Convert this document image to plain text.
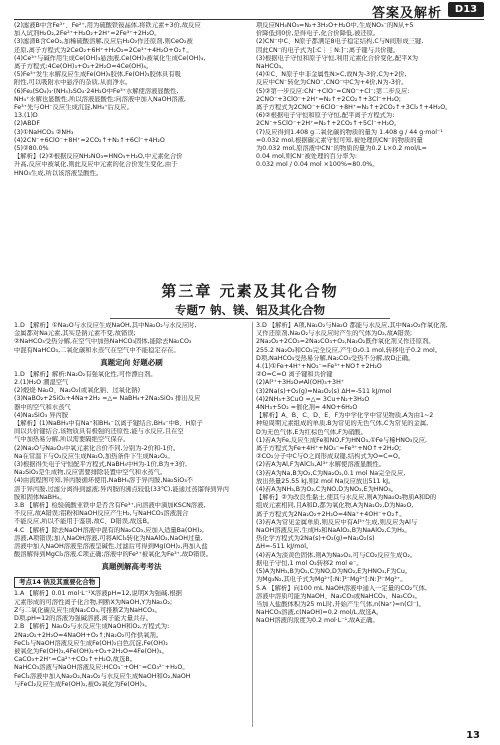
答案及解析	D13

(2)滤液B中含Fe³⁺、Fe²⁺,用为硫酸铁铵晶体,将铁元素+3价,故反应

加入试剂H₂O₂,2Fe²⁺+H₂O₂+2H⁺=2Fe³⁺+2H₂O。

(3)滤渣B含CeO₂,加稀硫酸溶解,反应后H₂O₂作还原剂,则CeO₂被

还原,离子方程式为2CeO₂+6H⁺+H₂O₂=2Ce³⁺+4H₂O+O₂↑。

(4)Ce³⁺与碱作用生成Ce(OH)₃悬浊液,Ce(OH)₃被氧化生成Ce(OH)₄,

离子方程式:4Ce(OH)₃+O₂+2H₂O=4Ce(OH)₄。

(5)Fe³⁺发生水解反应生成Fe(OH)₃胶体,Fe(OH)₃胶体具有吸

附性,可以吸附水中悬浮的杂质,从而净水。

(6)Fe₂(SO₄)₃·(NH₄)₂SO₄·24H₂O中Fe³⁺水解使溶液显酸性,

NH₄⁺水解也显酸性,所以溶液显酸性;向溶液中加入NaOH溶液,

Fe³⁺先与OH⁻反应生成沉淀,NH₄⁺后反应。

13.(1)D

(2)ABDF

(3)①NaHCO₃ ②NH₃

(4)2CN⁻+6ClO⁻+8H⁺=2CO₂↑+N₂↑+6Cl⁻+4H₂O

(5)②80.0%

【解析】(2)②根据反应NH₂NO₃=HNO₃+H₂O,中元素化合价

升高,反应中被氧化,则此反应中元素的化合价发生变化,由于

HNO₃生成,所以该溶液呈酸性。

项反应NH₄NO₃=N₂+3H₂O+H₂O中,生成NO₃⁻的N从+5

价降低到0价,是得电子,化合价降低,被还原。

(2)CN⁻中C、N原子都满足8电子稳定结构,C与N间形成三键,

因此CN⁻的电子式为[:C⋮⋮N:]⁻;离子键与共价键。

(3)根据电子守恒和原子守恒,利用元素化合价变化,配平X为

NaHCO₃。

(4)①C、N原子中非金属性N>C,故N为-3价,C为+2价,

反应中CN⁻转化为CNO⁻,CNO⁻中C为+4价,N为-3价。

(5)②第一步反应:CN⁻+ClO⁻=CNO⁻+Cl⁻;第二步反应:

2CNO⁻+3ClO⁻+2H⁺=N₂↑+2CO₂↑+3Cl⁻+H₂O;

离子方程式为2CNO⁻+6ClO⁻+8H⁺=N₂↑+2CO₂↑+3Cl₂↑+4H₂O。

(6)②根据电子守恒和原子守恒,配平离子方程式为:

2CN⁻+5ClO⁻+2H⁺=N₂↑+2CO₂↑+5Cl⁻+H₂O。

(7)反应得到1.408 g二氧化碳的物质的量为 1.408 g / 44 g·mol⁻¹

=0.032 mol,根据碳元素守恒可知,被处理的CN⁻的物质的量

为0.032 mol,原溶液中CN⁻的物质的量为0.2 L×0.2 mol/L=

0.04 mol,则CN⁻被处理的百分率为:

0.032 mol / 0.04 mol ×100%=80.0%。

第三章 元素及其化合物
专题7 钠、镁、铝及其化合物

1.D 【解析】①Na₂O与水反应生成NaOH,其中Na₂O₂与水反应时,

金属都对Na元素,其实是钠元素不变,故错误;

②NaHCO₃受热分解,在空气中加热NaHCO₃固体,能除去Na₂CO₃

中混有NaHCO₃,二氧化碳和水蒸气在空气中不能稳定存在。

真题定向 好题必刷

1.D 【解析】解析:Na₂O₂有强氧化性,可作漂白剂。

2.(1)H₂O 潮湿空气

(2)煅烧 Na₂O、Na₂O₂(或氧化钠、过氧化钠)

(3)NaBO₂+2SiO₂+4Na+2H₂ =△= NaBH₄+2Na₂SiO₃ 排出反应

器中的空气和水蒸气

(4)Na₂SiO₃ 异丙胺

【解析】(1)NaBH₄中有Na⁺和BH₄⁻以离子键结合,BH₄⁻中B、H原子

间以共价键结合,该物质具有极强的还原性,能与水反应,且在空

气中加热易分解,所以需要隔绝空气保存。

(2)Na₂O与Na₂O₂中氧元素化合价不同,分别为-2价和-1价。

Na在常温下与O₂反应生成Na₂O,加热条件下生成Na₂O₂。

(3)根据得失电子守恒配平方程式,NaBH₄中H为-1价,B为+3价,

Na₂SiO₃是生成物,反应需要排除装置中空气和水蒸气。

(4)由流程图可知,异丙胺循环使用,NaBH₄溶于异丙胺,Na₂SiO₃不

溶于异丙胺,过滤分离得到滤液;异丙胺的沸点较低(33℃),能通过蒸馏得到异丙

胺和固体NaBH₄。

3.B 【解析】检验硫酸亚铁中是否含有Fe³⁺,向溶液中滴加KSCN溶液,

不反应,故A错误;铝粉和NaOH反应产生H₂,与NaHCO₃溶液混合

不能反应,所以不能用于鉴别,故C、D错误,故选B。

4.C 【解析】除去NaOH溶液中混有的Na₂CO₃,应加入适量Ba(OH)₂,

溶液,A项错误;加入NaOH溶液,可将AlCl₃转化为NaAlO₂,NaOH过量,

溶液中加入NaOH溶液至溶液呈碱性,过滤后可得到Mg(OH)₂,再加入盐

酸溶解得到MgCl₂溶液,C项正确;溶液中的Fe²⁺被氧化为Fe³⁺,故D错误。

真题例解高考考法
考点14 钠及其重要化合物

1.A 【解析】0.01 mol·L⁻¹X溶液pH=12,说明X为强碱,根据

元素形成的可溶性离子化合物,判断X为NaOH,Y为Na₂O₂;

Z与二氧化碳反应生成Na₂CO₃,可推断Z为NaHCO₃。

D项,pH=12的溶液为强碱溶液,离子能大量共存。

2.B 【解析】Na₂O₂与水反应生成NaOH和O₂,方程式为:

2Na₂O₂+2H₂O=4NaOH+O₂↑;Na₂O₂可作供氧剂。

FeCl₂与NaOH溶液反应生成Fe(OH)₂白色沉淀,Fe(OH)₂

被氧化为Fe(OH)₃,4Fe(OH)₂+O₂+2H₂O=4Fe(OH)₃。

CaCO₃+2H⁺=Ca²⁺+CO₂↑+H₂O,故选B。

NaHCO₃溶液与NaOH溶液反应:HCO₃⁻+OH⁻=CO₃²⁻+H₂O。

FeCl₂溶液中加入Na₂O₂,Na₂O₂与水反应生成NaOH和O₂,NaOH

与FeCl₂反应生成Fe(OH)₂,被O₂氧化为Fe(OH)₃。

3.D 【解析】A项,Na₂O₂与Na₂O 都能与水反应,其中Na₂O₂作氧化剂,

又作还原剂,Na₂O₂与水反应时产生的气体为O₂,故A错误;

2Na₂O₂+2CO₂=2Na₂CO₃+O₂,Na₂O₂既作氧化剂又作还原剂。

255.2 Na₂O₂和CO₂完全反应,产生O₂0.1 mol,转移电子0.2 mol。

D项,NaHCO₃受热易分解,Na₂CO₃受热不分解,故D正确。

4.(1)①Fe+4H⁺+NO₃⁻=Fe³⁺+NO↑+2H₂O

②O=C=O 离子键和共价键

(2)Al³⁺+3H₂O⇌Al(OH)₃+3H⁺

(3)2Na(s)+O₂(g)=Na₂O₂(s) ΔH=-511 kJ/mol

(4)2NH₃+3CuO =△= 3Cu+N₂+3H₂O

4NH₃+5O₂ =催化剂= 4NO+6H₂O

【解析】A、B、C、D、E、F为中学化学中常见物质,A为由1~2

种短周期元素组成的单质,B为常见的无色气体,C为常见的金属,

D为无色气体,E为红棕色气体,F为硝酸。

(1)若A为Fe,反应生成Fe和NO,F为HNO₃,①Fe与稀HNO₃反应,

离子方程式为Fe+4H⁺+NO₃⁻=Fe³⁺+NO↑+2H₂O;

②CO₂分子中C与O之间形成双键,结构式为O=C=O。

(2)若A为Al,F为AlCl₃,Al³⁺水解使溶液显酸性。

(3)若A为Na,B为O₂,C为Na₂O₂,0.1 mol Na完全反应,

放出热量25.55 kJ,则2 mol Na反应放出511 kJ。

(4)若A为NH₃,B为O₂,C为NO,D为NO₂,E为HNO₃。

【解析】②为改良性黏土,使其与水反应,则A为Na₂O₂物质A和D的

组成元素相同,且A和D,都为氧化物,A为Na₂O₂,D为Na₂O,

离子方程式为2Na₂O₂+2H₂O=4Na⁺+4OH⁻+O₂↑。

(3)若A为常见金属单质,则反应中有Al³⁺生成,则反应为Al与

NaOH溶液反应,生成H₂和NaAlO₂,B为NaAlO₂,C为H₂。

热化学方程式为2Na(s)+O₂(g)=Na₂O₂(s)

ΔH=-511 kJ/mol。

(4)若A为淡黄色固体,则A为Na₂O₂,可与CO₂反应生成O₂。

据电子守恒,1 mol O₂转移2 mol e⁻。

(5)A为NH₃,B为O₂,C为NO,D为NO₂,E为HNO₃,F为Cu。

为Mg₃N₂,其电子式为Mg²⁺[:N:]³⁻Mg²⁺[:N:]³⁻Mg²⁺。

5.A 【解析】向100 mL NaOH溶液中通入一定量的CO₂气体,

溶液中溶质可能为NaOH、Na₂CO₃或NaHCO₃、Na₂CO₃。

当加入盐酸体积为25 mL时,开始产生气体,n(Na⁺)=n(Cl⁻)。

NaHCO₃溶液,c(NaOH)=0.2 mol/L,故选A。

NaOH溶液的浓度为0.2 mol·L⁻¹,故A正确。

13
